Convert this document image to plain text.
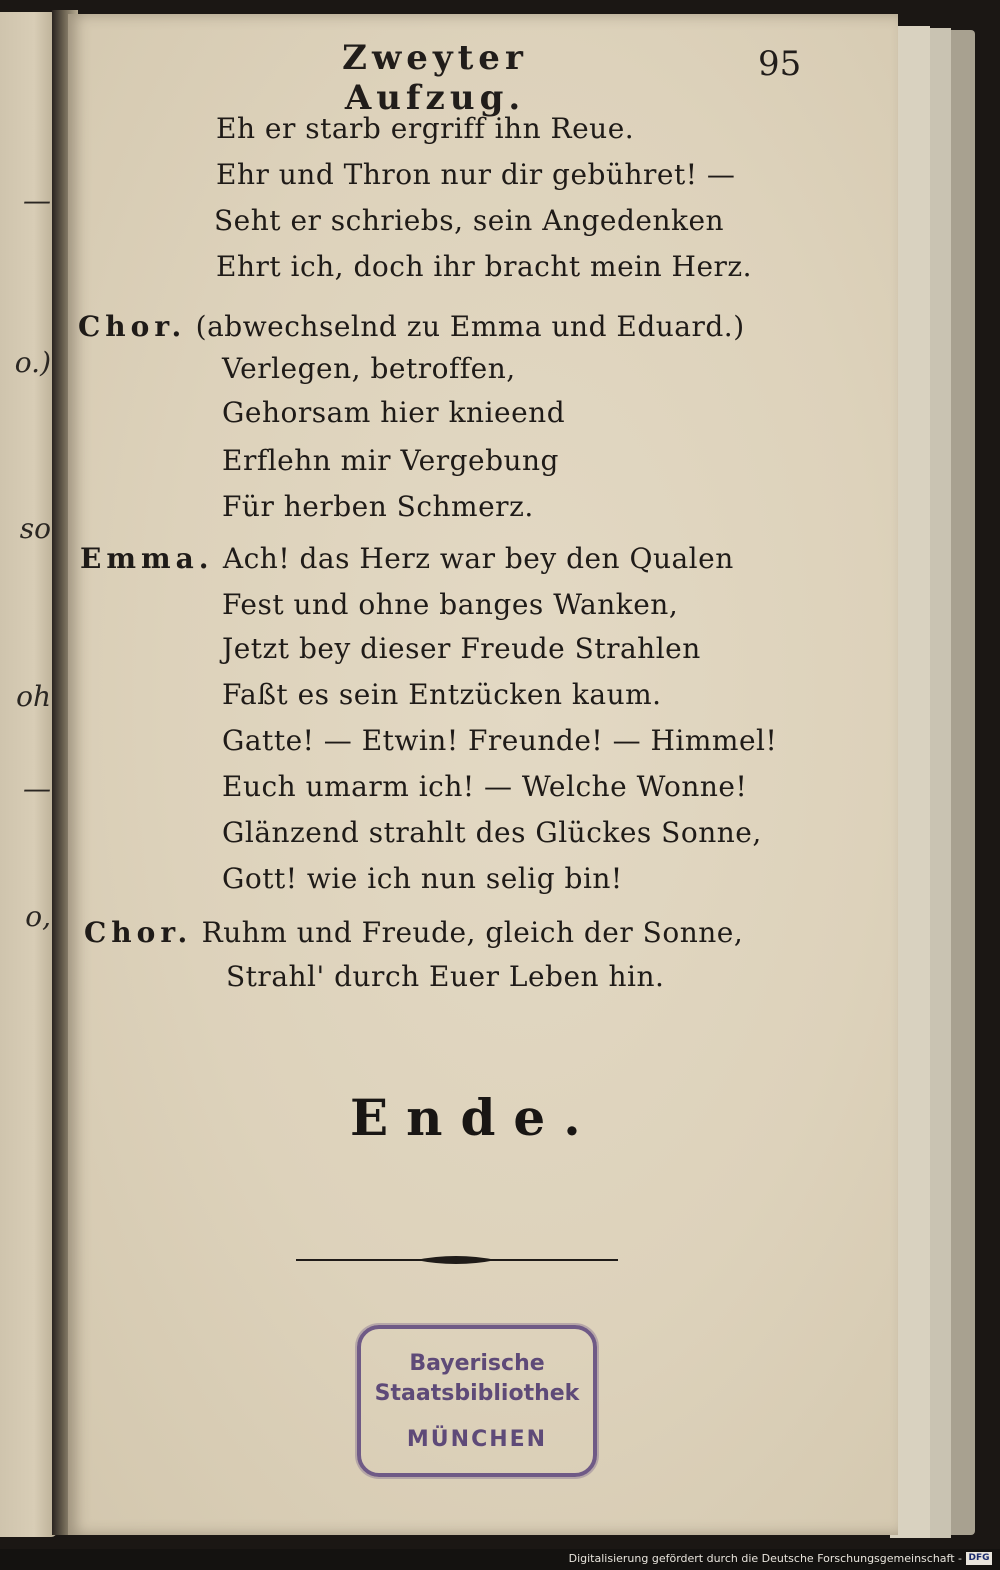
—
o.)
so
oh
—
o,
Zweyter Aufzug.
95
Eh er starb ergriff ihn Reue.
Ehr und Thron nur dir gebühret! —
Seht er schriebs, sein Angedenken
Ehrt ich, doch ihr bracht mein Herz.
Chor. (abwechselnd zu Emma und Eduard.)
Verlegen, betroffen,
Gehorsam hier knieend
Erflehn mir Vergebung
Für herben Schmerz.
Emma. Ach! das Herz war bey den Qualen
Fest und ohne banges Wanken,
Jetzt bey dieser Freude Strahlen
Faßt es sein Entzücken kaum.
Gatte! — Etwin! Freunde! — Himmel!
Euch umarm ich! — Welche Wonne!
Glänzend strahlt des Glückes Sonne,
Gott! wie ich nun selig bin!
Chor. Ruhm und Freude, gleich der Sonne,
Strahl' durch Euer Leben hin.
Ende.
Bayerische
Staatsbibliothek
MÜNCHEN
Digitalisierung gefördert durch die Deutsche Forschungsgemeinschaft - DFG
